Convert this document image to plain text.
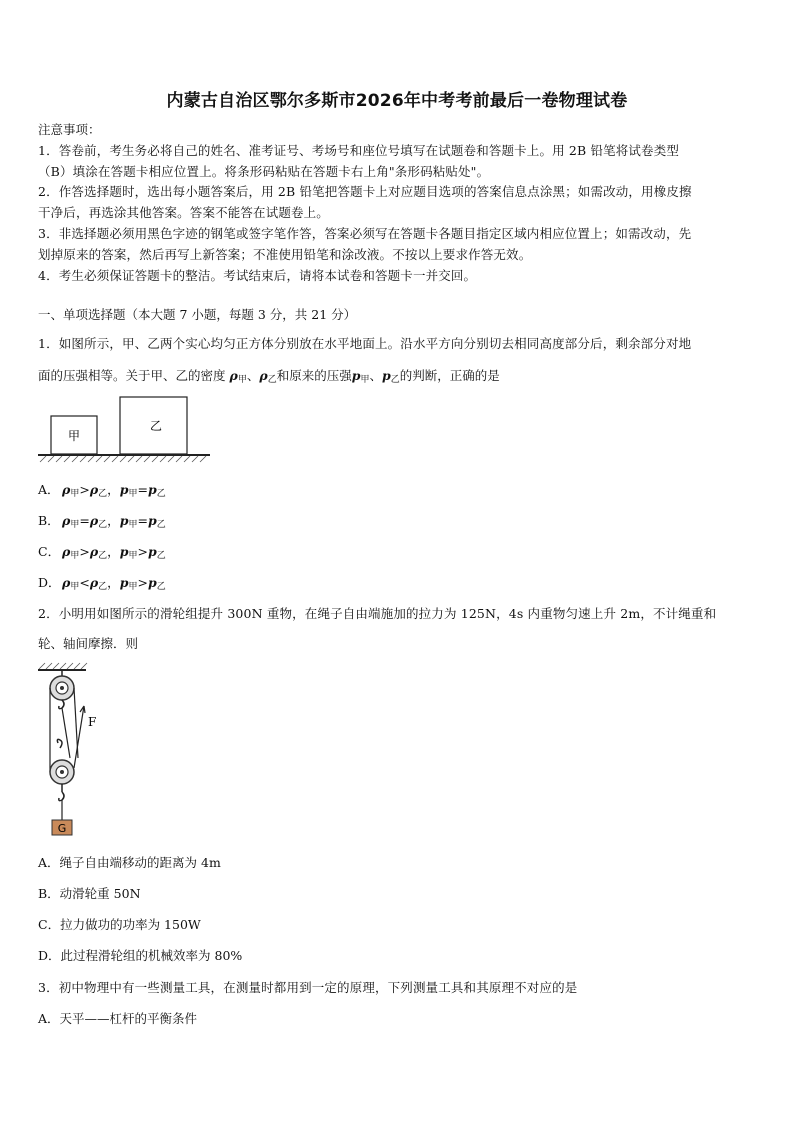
内蒙古自治区鄂尔多斯市2026年中考考前最后一卷物理试卷
注意事项：
1．答卷前，考生务必将自己的姓名、准考证号、考场号和座位号填写在试题卷和答题卡上。用 2B 铅笔将试卷类型
（B）填涂在答题卡相应位置上。将条形码粘贴在答题卡右上角"条形码粘贴处"。
2．作答选择题时，选出每小题答案后，用 2B 铅笔把答题卡上对应题目选项的答案信息点涂黑；如需改动，用橡皮擦
干净后，再选涂其他答案。答案不能答在试题卷上。
3．非选择题必须用黑色字迹的钢笔或签字笔作答，答案必须写在答题卡各题目指定区域内相应位置上；如需改动，先
划掉原来的答案，然后再写上新答案；不准使用铅笔和涂改液。不按以上要求作答无效。
4．考生必须保证答题卡的整洁。考试结束后，请将本试卷和答题卡一并交回。
一、单项选择题（本大题 7 小题，每题 3 分，共 21 分）
1．如图所示，甲、乙两个实心均匀正方体分别放在水平地面上。沿水平方向分别切去相同高度部分后，剩余部分对地
面的压强相等。关于甲、乙的密度 $\rho_甲$、$\rho_乙$和原来的压强$p_甲$、$p_乙$的判断，正确的是
甲
乙
A． $\rho_甲>\rho_乙$，$p_甲=p_乙$
B． $\rho_甲=\rho_乙$，$p_甲=p_乙$
C． $\rho_甲>\rho_乙$，$p_甲>p_乙$
D．$\rho_甲<\rho_乙$，$p_甲>p_乙$
2．小明用如图所示的滑轮组提升 300N 重物，在绳子自由端施加的拉力为 125N，4s 内重物匀速上升 2m，不计绳重和
轮、轴间摩擦．则
F
G
A．绳子自由端移动的距离为 4m
B．动滑轮重 50N
C．拉力做功的功率为 150W
D．此过程滑轮组的机械效率为 80%
3．初中物理中有一些测量工具，在测量时都用到一定的原理，下列测量工具和其原理不对应的是
A．天平——杠杆的平衡条件
